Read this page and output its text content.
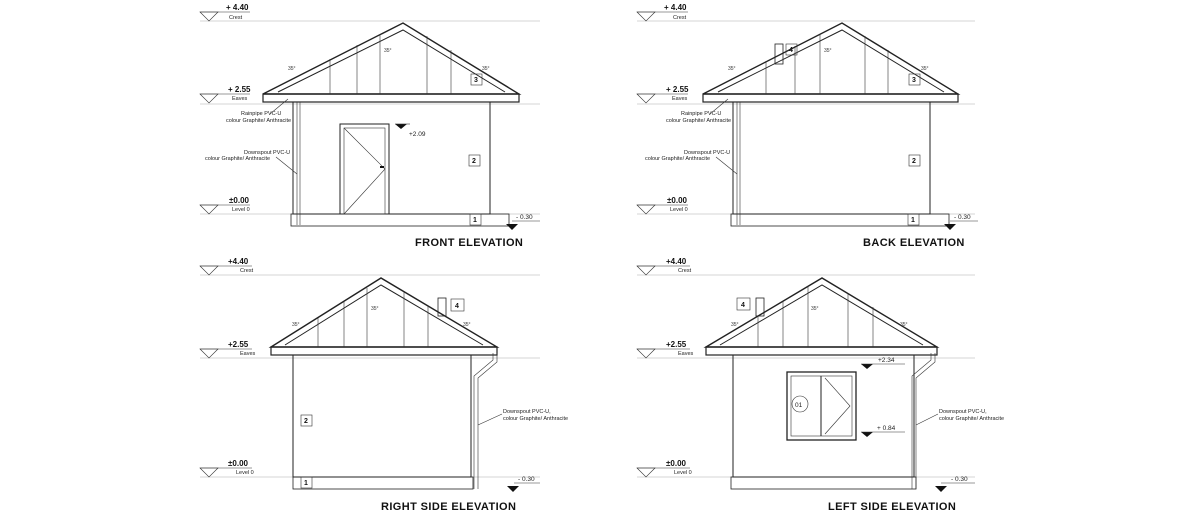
+ 4.40
Crest
+ 2.55
Eaves
±0.00
Level 0
35°
35°
35°
3
+2.09
Rainpipe PVC-U
colour Graphite/ Anthracite
Downspout PVC-U
colour Graphite/ Anthracite	2
1	- 0.30
FRONT ELEVATION
+ 4.40
Crest
+ 2.55
Eaves
±0.00
Level 0
35°
35°
35°
4
3
Rainpipe PVC-U
colour Graphite/ Anthracite
Downspout PVC-U
colour Graphite/ Anthracite	2
1	- 0.30
BACK ELEVATION
+4.40
Crest
+2.55
Eaves
±0.00
Level 0
35°
35°
35°
4
Downspout PVC-U,
colour Graphite/ Anthracite
2
1
- 0.30
RIGHT SIDE ELEVATION
+4.40
Crest
+2.55
Eaves
±0.00
Level 0
35°
35°
35°
4
01
+2.34
+ 0.84
Downspout PVC-U,
colour Graphite/ Anthracite
- 0.30
LEFT SIDE ELEVATION
